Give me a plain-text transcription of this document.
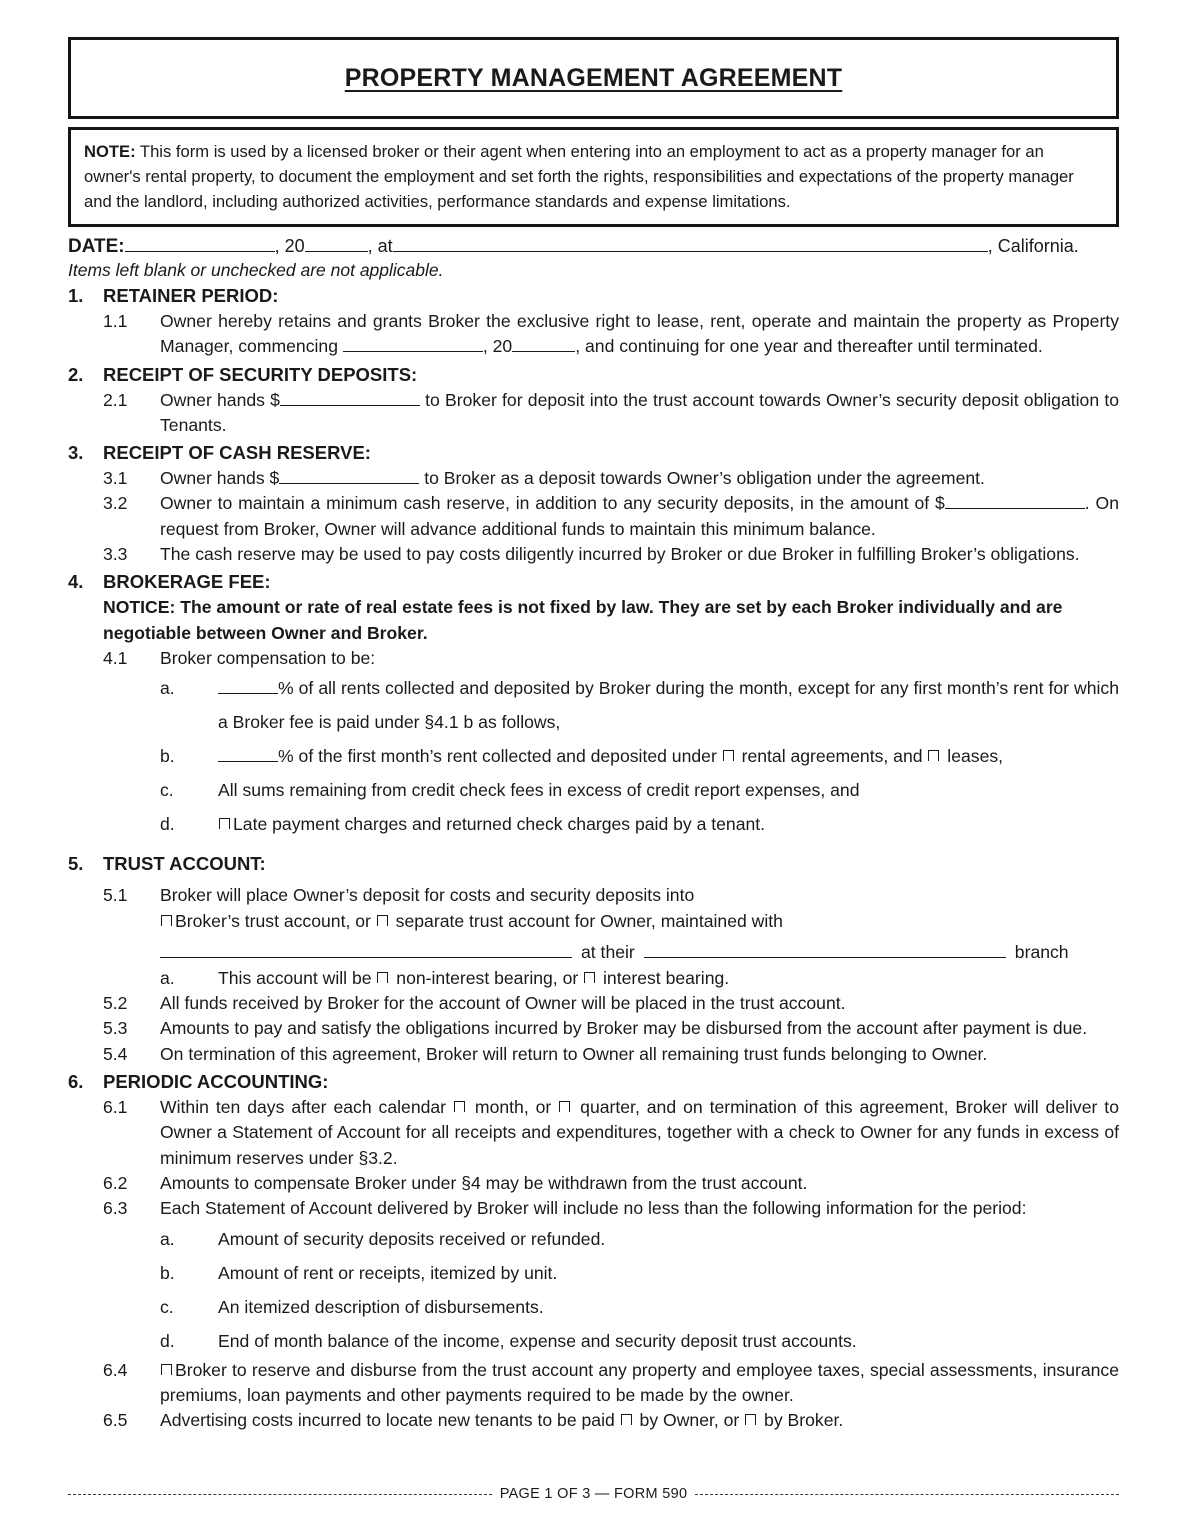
PROPERTY MANAGEMENT AGREEMENT
NOTE: This form is used by a licensed broker or their agent when entering into an employment to act as a property manager for an owner's rental property, to document the employment and set forth the rights, responsibilities and expectations of the property manager and the landlord, including authorized activities, performance standards and expense limitations.
DATE:	, 20	, at	, California.
Items left blank or unchecked are not applicable.
1. RETAINER PERIOD:
1.1 Owner hereby retains and grants Broker the exclusive right to lease, rent, operate and maintain the property as Property Manager, commencing	, 20	, and continuing for one year and thereafter until terminated.
2. RECEIPT OF SECURITY DEPOSITS:
2.1 Owner hands $	to Broker for deposit into the trust account towards Owner’s security deposit obligation to Tenants.
3. RECEIPT OF CASH RESERVE:
3.1 Owner hands $	to Broker as a deposit towards Owner’s obligation under the agreement.
3.2 Owner to maintain a minimum cash reserve, in addition to any security deposits, in the amount of $	. On request from Broker, Owner will advance additional funds to maintain this minimum balance.
3.3 The cash reserve may be used to pay costs diligently incurred by Broker or due Broker in fulfilling Broker’s obligations.
4. BROKERAGE FEE:
NOTICE: The amount or rate of real estate fees is not fixed by law. They are set by each Broker individually and are negotiable between Owner and Broker.
4.1 Broker compensation to be:
a.	% of all rents collected and deposited by Broker during the month, except for any first month’s rent for which a Broker fee is paid under §4.1 b as follows,
b.	% of the first month’s rent collected and deposited under  rental agreements, and  leases,
c.	All sums remaining from credit check fees in excess of credit report expenses, and
d.	Late payment charges and returned check charges paid by a tenant.
5. TRUST ACCOUNT:
5.1 Broker will place Owner’s deposit for costs and security deposits into
Broker’s trust account, or  separate trust account for Owner, maintained with
at their	branch
a. This account will be  non-interest bearing, or  interest bearing.
5.2 All funds received by Broker for the account of Owner will be placed in the trust account.
5.3 Amounts to pay and satisfy the obligations incurred by Broker may be disbursed from the account after payment is due.
5.4 On termination of this agreement, Broker will return to Owner all remaining trust funds belonging to Owner.
6. PERIODIC ACCOUNTING:
6.1 Within ten days after each calendar  month, or  quarter, and on termination of this agreement, Broker will deliver to Owner a Statement of Account for all receipts and expenditures, together with a check to Owner for any funds in excess of minimum reserves under §3.2.
6.2 Amounts to compensate Broker under §4 may be withdrawn from the trust account.
6.3 Each Statement of Account delivered by Broker will include no less than the following information for the period:
a. Amount of security deposits received or refunded.
b. Amount of rent or receipts, itemized by unit.
c.	An itemized description of disbursements.
d. End of month balance of the income, expense and security deposit trust accounts.
6.4	Broker to reserve and disburse from the trust account any property and employee taxes, special assessments, insurance premiums, loan payments and other payments required to be made by the owner.
6.5 Advertising costs incurred to locate new tenants to be paid  by Owner, or  by Broker.
PAGE 1 OF 3 — FORM 590
